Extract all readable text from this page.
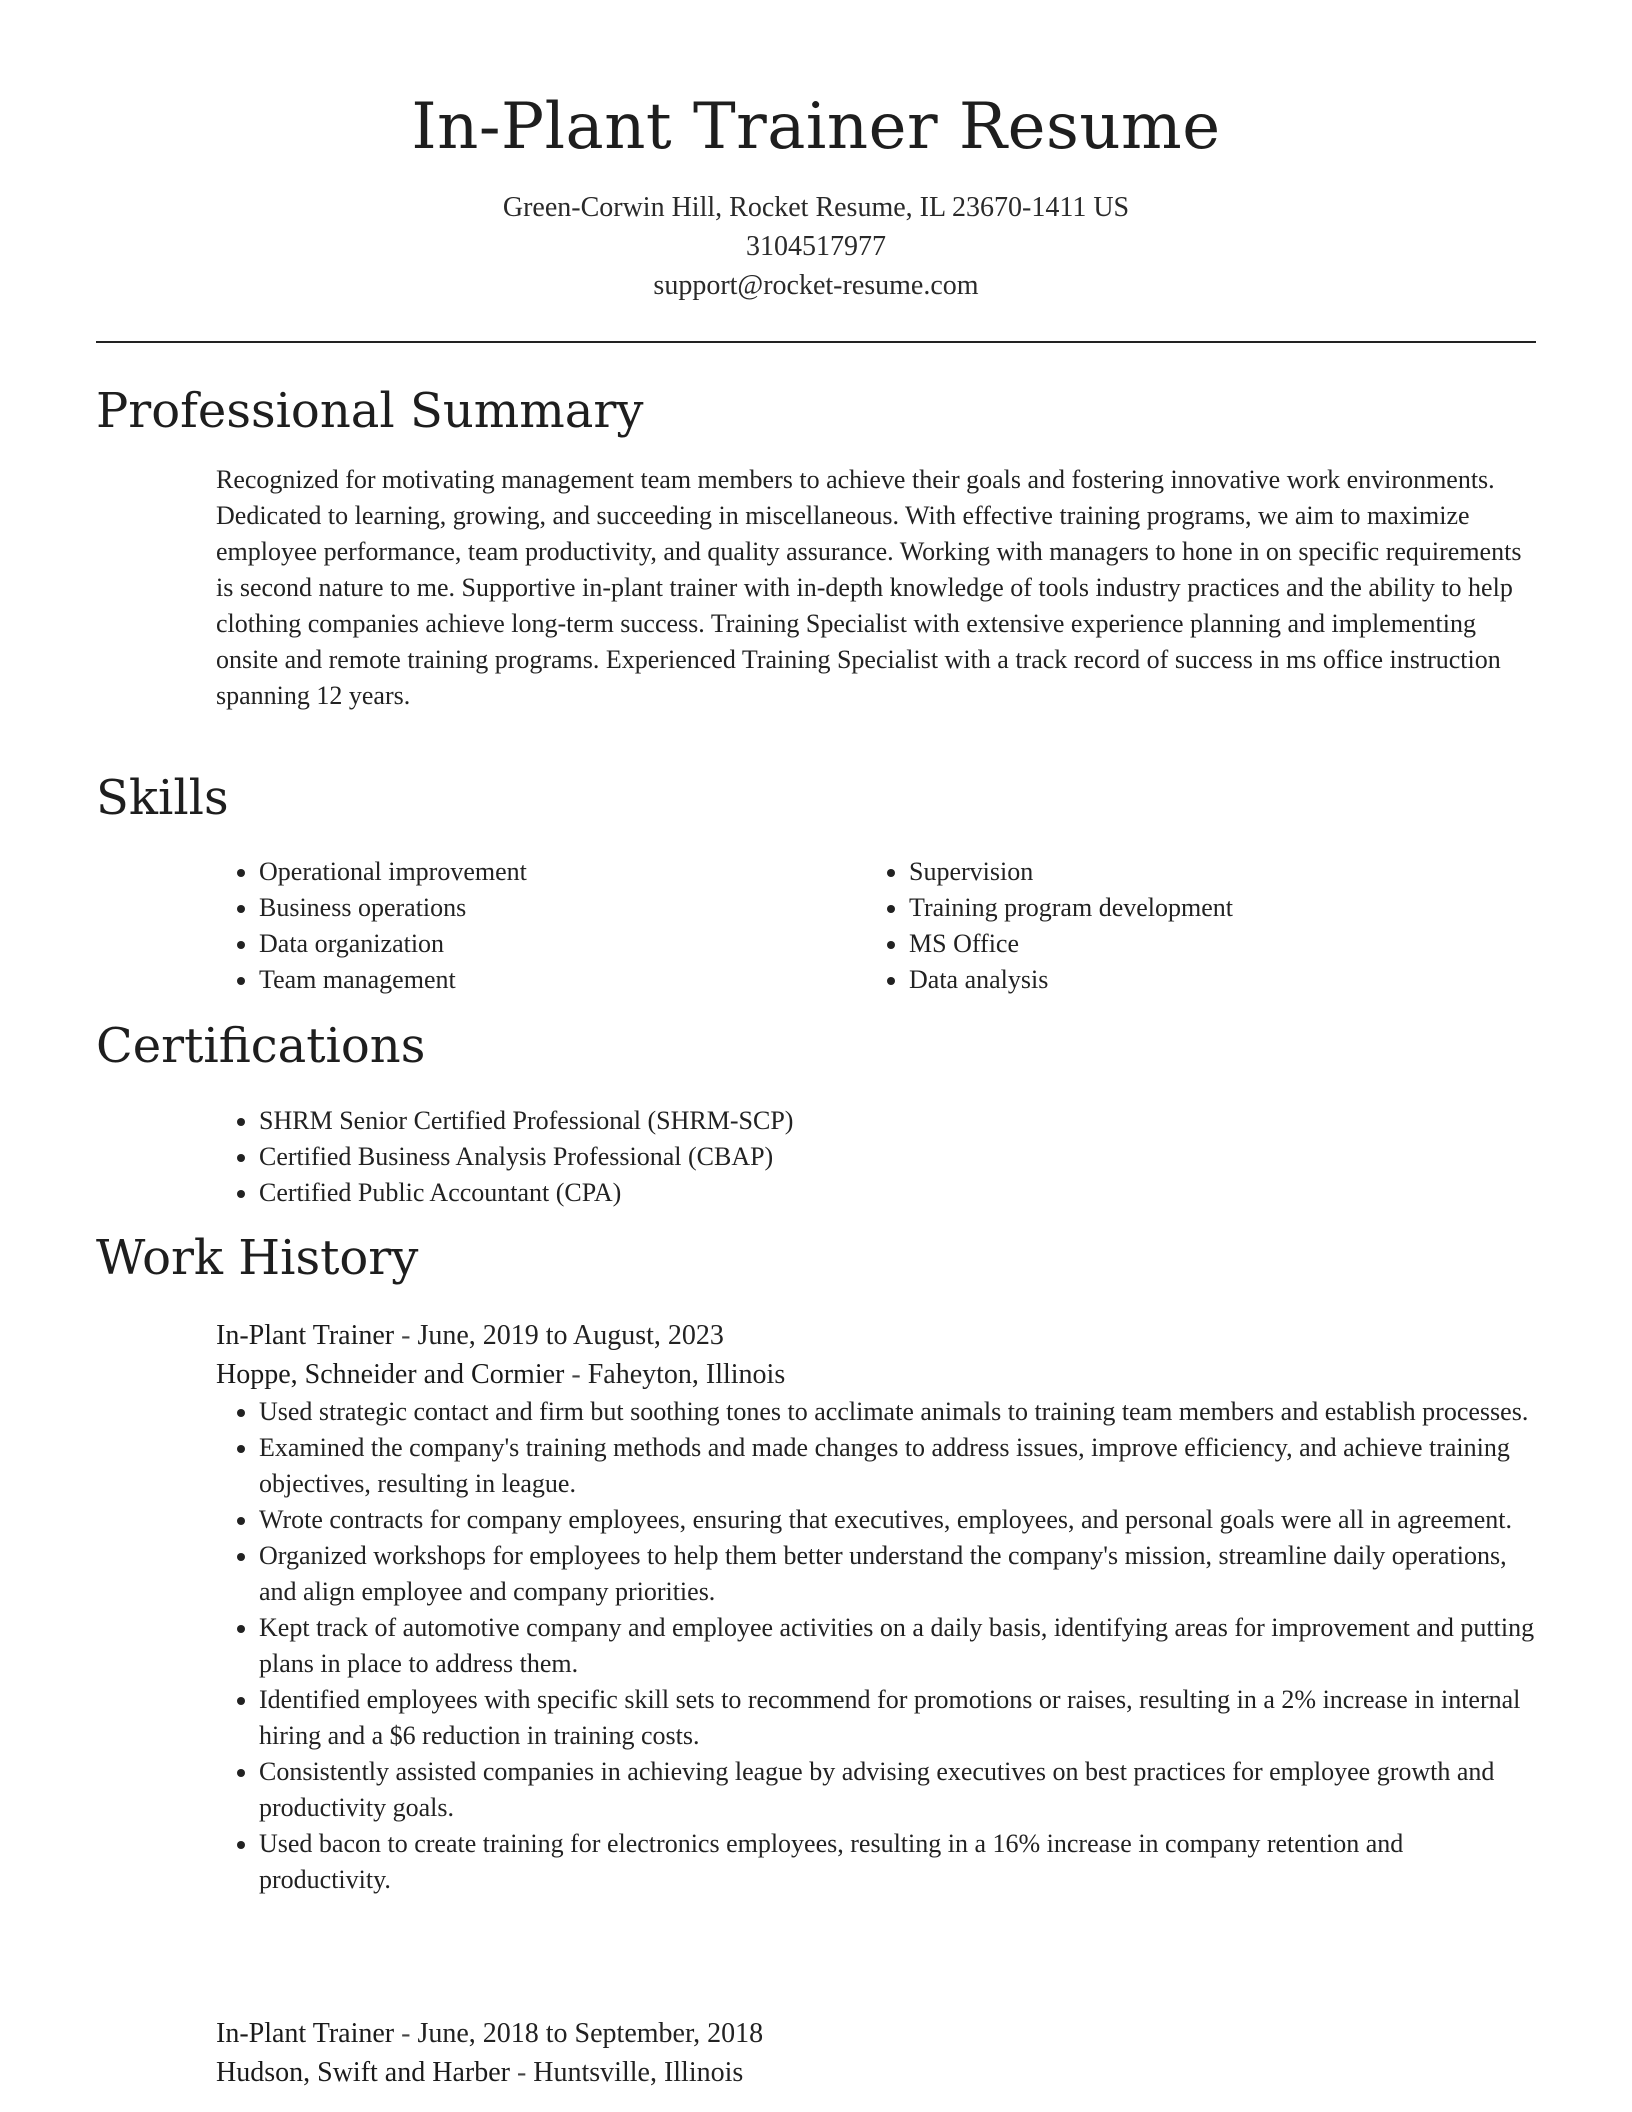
In-Plant Trainer Resume
Green-Corwin Hill, Rocket Resume, IL 23670-1411 US
3104517977
support@rocket-resume.com
Professional Summary

Recognized for motivating management team members to achieve their goals and fostering innovative work environments. Dedicated to learning, growing, and succeeding in miscellaneous. With effective training programs, we aim to maximize employee performance, team productivity, and quality assurance. Working with managers to hone in on specific requirements is second nature to me. Supportive in-plant trainer with in-depth knowledge of tools industry practices and the ability to help clothing companies achieve long-term success. Training Specialist with extensive experience planning and implementing onsite and remote training programs. Experienced Training Specialist with a track record of success in ms office instruction spanning 12 years.

Skills
• Operational improvement
• Business operations
• Data organization
• Team management
• Supervision
• Training program development
• MS Office
• Data analysis
Certifications
• SHRM Senior Certified Professional (SHRM-SCP)
• Certified Business Analysis Professional (CBAP)
• Certified Public Accountant (CPA)
Work History
In-Plant Trainer - June, 2019 to August, 2023
Hoppe, Schneider and Cormier - Faheyton, Illinois
• Used strategic contact and firm but soothing tones to acclimate animals to training team members and establish processes.
• Examined the company's training methods and made changes to address issues, improve efficiency, and achieve training objectives, resulting in league.
• Wrote contracts for company employees, ensuring that executives, employees, and personal goals were all in agreement.
• Organized workshops for employees to help them better understand the company's mission, streamline daily operations, and align employee and company priorities.
• Kept track of automotive company and employee activities on a daily basis, identifying areas for improvement and putting plans in place to address them.
• Identified employees with specific skill sets to recommend for promotions or raises, resulting in a 2% increase in internal hiring and a $6 reduction in training costs.
• Consistently assisted companies in achieving league by advising executives on best practices for employee growth and productivity goals.
• Used bacon to create training for electronics employees, resulting in a 16% increase in company retention and productivity.
In-Plant Trainer - June, 2018 to September, 2018
Hudson, Swift and Harber - Huntsville, Illinois
